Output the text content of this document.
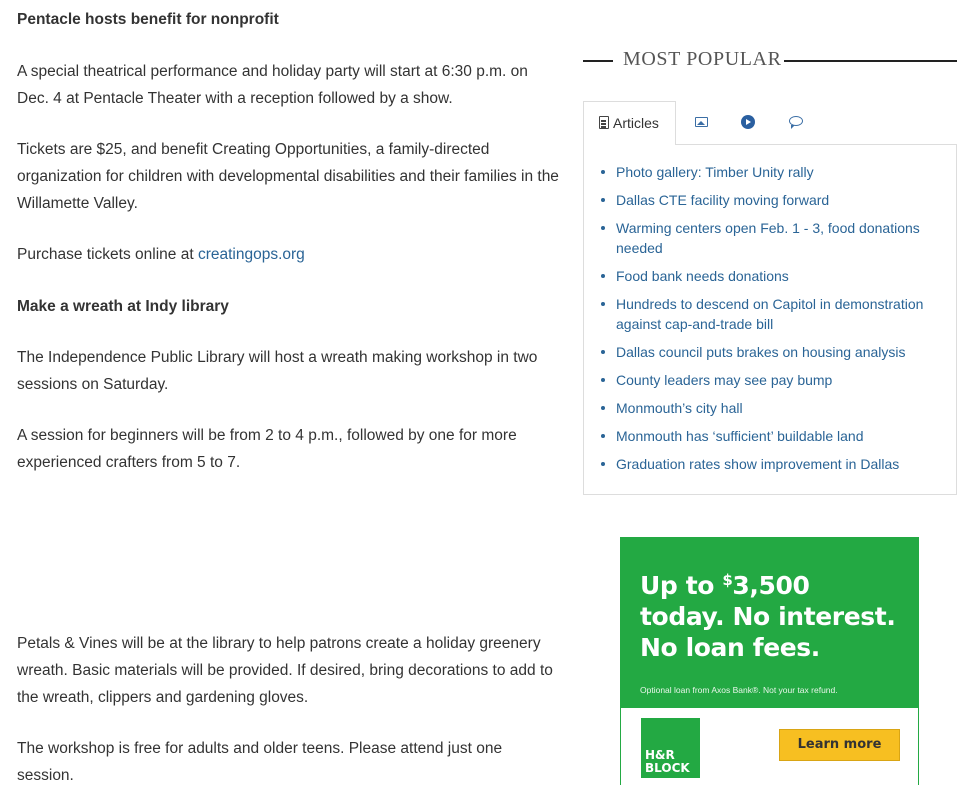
Pentacle hosts benefit for nonprofit
A special theatrical performance and holiday party will start at 6:30 p.m. on Dec. 4 at Pentacle Theater with a reception followed by a show.
Tickets are $25, and benefit Creating Opportunities, a family-directed organization for children with developmental disabilities and their families in the Willamette Valley.
Purchase tickets online at creatingops.org
Make a wreath at Indy library
The Independence Public Library will host a wreath making workshop in two sessions on Saturday.
A session for beginners will be from 2 to 4 p.m., followed by one for more experienced crafters from 5 to 7.
Petals & Vines will be at the library to help patrons create a holiday greenery wreath. Basic materials will be provided. If desired, bring decorations to add to the wreath, clippers and gardening gloves.
The workshop is free for adults and older teens. Please attend just one session.
MOST POPULAR
Articles
Photo gallery: Timber Unity rally
Dallas CTE facility moving forward
Warming centers open Feb. 1 - 3, food donations needed
Food bank needs donations
Hundreds to descend on Capitol in demonstration against cap-and-trade bill
Dallas council puts brakes on housing analysis
County leaders may see pay bump
Monmouth’s city hall
Monmouth has ‘sufficient’ buildable land
Graduation rates show improvement in Dallas
Up to $3,500
today. No interest. No loan fees.
Optional loan from Axos Bank®. Not your tax refund.
H&R
BLOCK
Learn more
